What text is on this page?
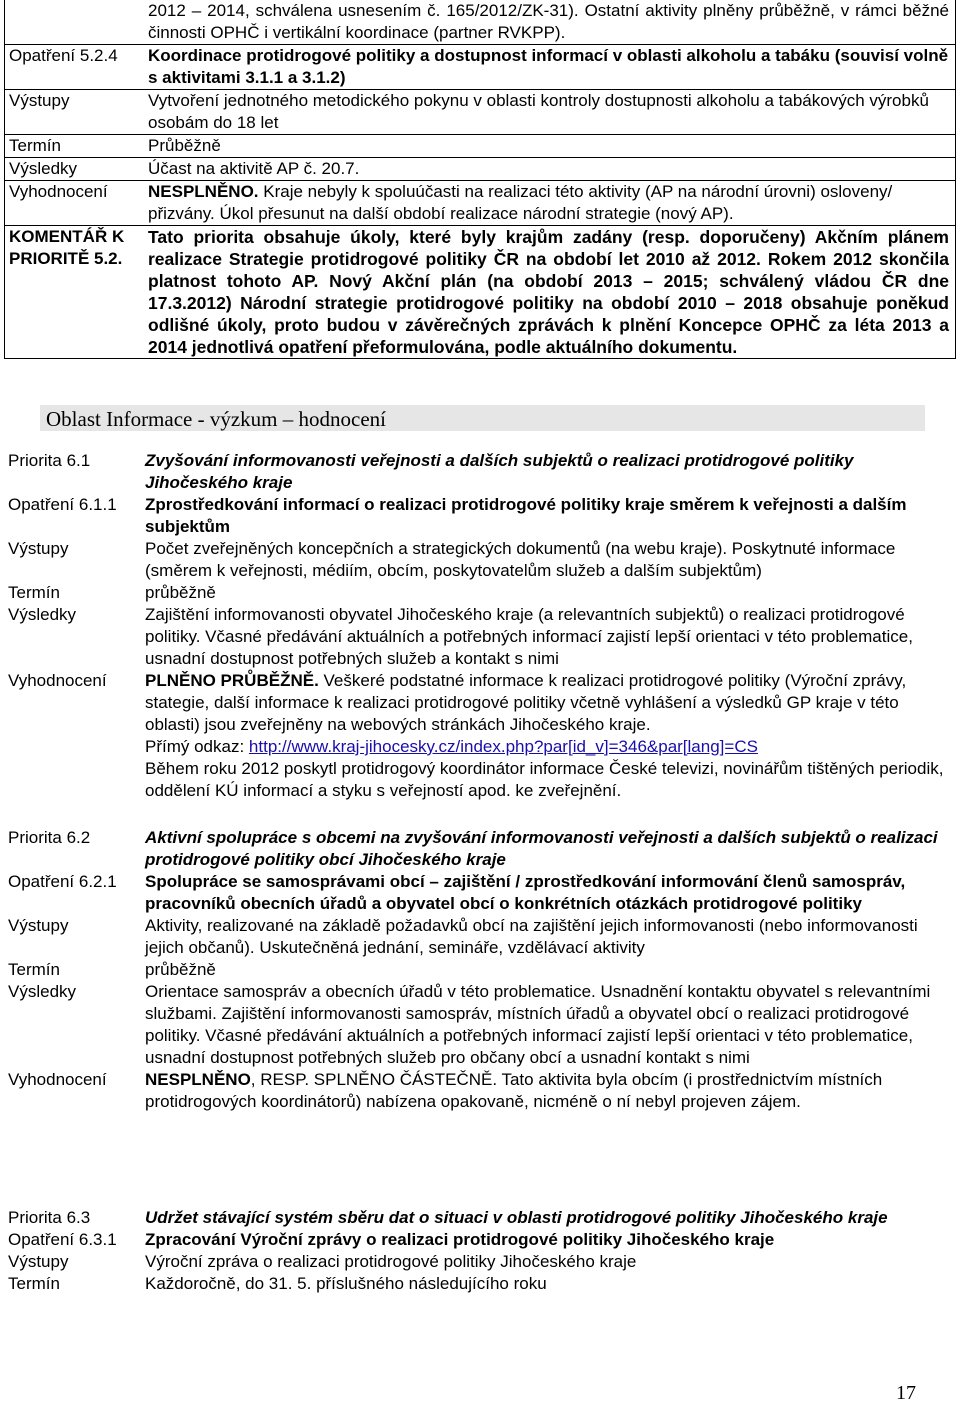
	2012 – 2014, schválena usnesením č. 165/2012/ZK-31). Ostatní aktivity plněny průběžně, v rámci běžné činnosti OPHČ i vertikální koordinace (partner RVKPP).
Opatření 5.2.4	Koordinace protidrogové politiky a dostupnost informací v oblasti alkoholu a tabáku (souvisí volně s aktivitami 3.1.1 a 3.1.2)
Výstupy	Vytvoření jednotného metodického pokynu v oblasti kontroly dostupnosti alkoholu a tabákových výrobků osobám do 18 let
Termín	Průběžně
Výsledky	Účast na aktivitě AP č. 20.7.
Vyhodnocení	NESPLNĚNO. Kraje nebyly k spoluúčasti na realizaci této aktivity (AP na národní úrovni) osloveny/ přizvány. Úkol přesunut na další období realizace národní strategie (nový AP).
KOMENTÁŘ K PRIORITĚ 5.2.	Tato priorita obsahuje úkoly, které byly krajům zadány (resp. doporučeny) Akčním plánem realizace Strategie protidrogové politiky ČR na období let 2010 až 2012. Rokem 2012 skončila platnost tohoto AP. Nový Akční plán (na období 2013 – 2015; schválený vládou ČR dne 17.3.2012) Národní strategie protidrogové politiky na období 2010 – 2018 obsahuje poněkud odlišné úkoly, proto budou v závěrečných zprávách k plnění Koncepce OPHČ za léta 2013 a 2014 jednotlivá opatření přeformulována, podle aktuálního dokumentu.
Oblast Informace - výzkum – hodnocení
Priorita 6.1	Zvyšování informovanosti veřejnosti a dalších subjektů o realizaci protidrogové politiky Jihočeského kraje
Opatření 6.1.1	Zprostředkování informací o realizaci protidrogové politiky kraje směrem k veřejnosti a dalším subjektům
Výstupy	Počet zveřejněných koncepčních a strategických dokumentů (na webu kraje). Poskytnuté informace (směrem k veřejnosti, médiím, obcím, poskytovatelům služeb a dalším subjektům)
Termín	průběžně
Výsledky	Zajištění informovanosti obyvatel Jihočeského kraje (a relevantních subjektů) o realizaci protidrogové politiky. Včasné předávání aktuálních a potřebných informací zajistí lepší orientaci v této problematice, usnadní dostupnost potřebných služeb a kontakt s nimi
Vyhodnocení	PLNĚNO PRŮBĚŽNĚ. Veškeré podstatné informace k realizaci protidrogové politiky (Výroční zprávy, stategie, další informace k realizaci protidrogové politiky včetně vyhlášení a výsledků GP kraje v této oblasti) jsou zveřejněny na webových stránkách Jihočeského kraje.
Přímý odkaz: http://www.kraj-jihocesky.cz/index.php?par[id_v]=346&par[lang]=CS
Během roku 2012 poskytl protidrogový koordinátor informace České televizi, novinářům tištěných periodik, oddělení KÚ informací a styku s veřejností apod. ke zveřejnění.
Priorita 6.2	Aktivní spolupráce s obcemi na zvyšování informovanosti veřejnosti a dalších subjektů o realizaci protidrogové politiky obcí Jihočeského kraje
Opatření 6.2.1	Spolupráce se samosprávami obcí – zajištění / zprostředkování informování členů samospráv, pracovníků obecních úřadů a obyvatel obcí o konkrétních otázkách protidrogové politiky
Výstupy	Aktivity, realizované na základě požadavků obcí na zajištění jejich informovanosti (nebo informovanosti jejich občanů). Uskutečněná jednání, semináře, vzdělávací aktivity
Termín	průběžně
Výsledky	Orientace samospráv a obecních úřadů v této problematice. Usnadnění kontaktu obyvatel s relevantními službami. Zajištění informovanosti samospráv, místních úřadů a obyvatel obcí o realizaci protidrogové politiky. Včasné předávání aktuálních a potřebných informací zajistí lepší orientaci v této problematice, usnadní dostupnost potřebných služeb pro občany obcí a usnadní kontakt s nimi
Vyhodnocení	NESPLNĚNO, RESP. SPLNĚNO ČÁSTEČNĚ. Tato aktivita byla obcím (i prostřednictvím místních protidrogových koordinátorů) nabízena opakovaně, nicméně o ní nebyl projeven zájem.
Priorita 6.3	Udržet stávající systém sběru dat o situaci v oblasti protidrogové politiky Jihočeského kraje
Opatření 6.3.1	Zpracování Výroční zprávy o realizaci protidrogové politiky Jihočeského kraje
Výstupy	Výroční zpráva o realizaci protidrogové politiky Jihočeského kraje
Termín	Každoročně, do 31. 5. příslušného následujícího roku
17
